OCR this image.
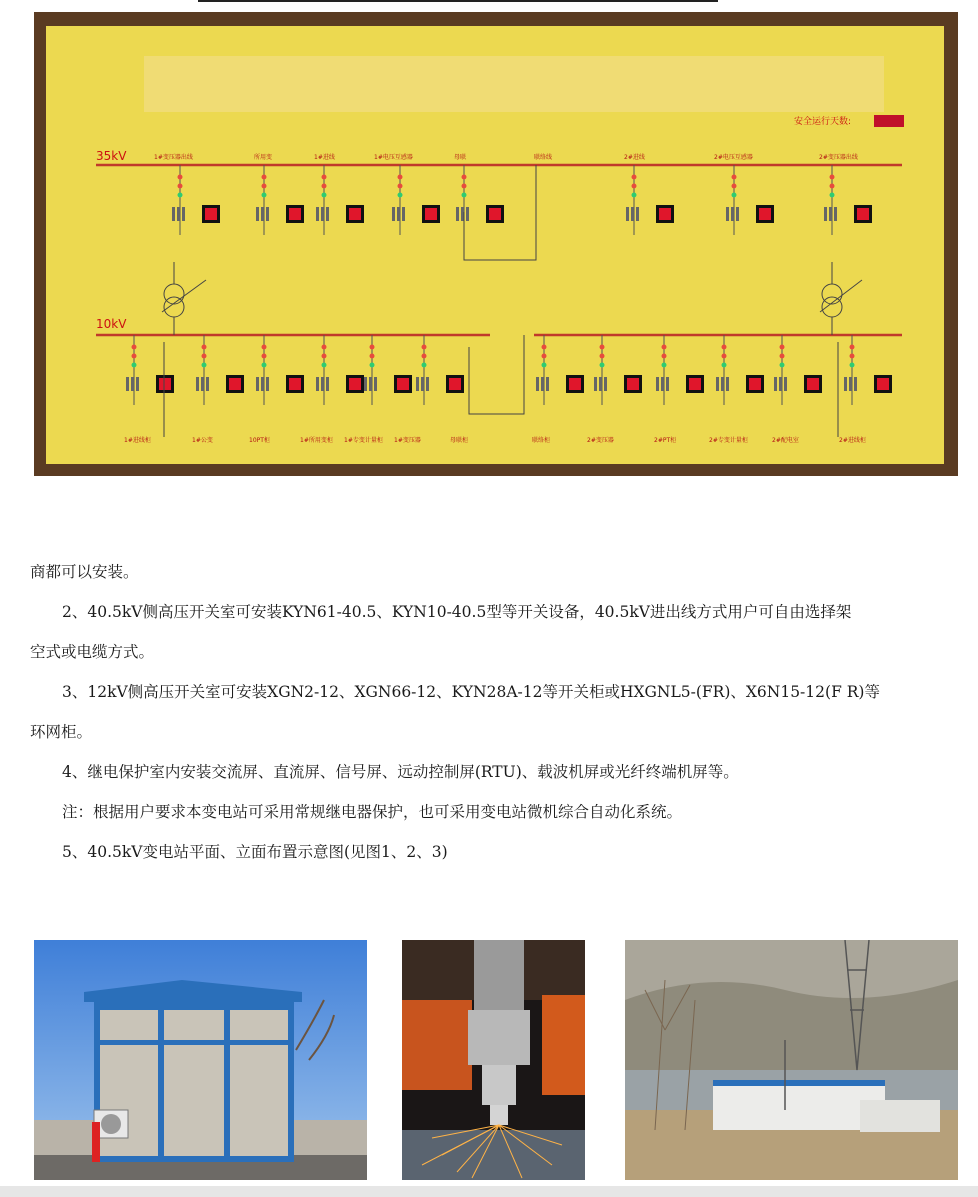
安全运行天数:
35kV
10kV
1#变压器出线	所用变	1#进线	1#电压互感器	母联	联络线	2#进线	2#电压互感器	2#变压器出线
1#进线柜	1#公变	10PT柜	1#所用变柜 1#专变计量柜 1#变压器	母联柜	联络柜	2#变压器	2#PT柜	2#专变计量柜	2#配电室	2#进线柜

商都可以安装。

2、40.5kV侧高压开关室可安装KYN61-40.5、KYN10-40.5型等开关设备，40.5kV进出线方式用户可自由选择架

空式或电缆方式。

3、12kV侧高压开关室可安装XGN2-12、XGN66-12、KYN28A-12等开关柜或HXGNL5-(FR)、X6N15-12(F R)等

环网柜。

4、继电保护室内安装交流屏、直流屏、信号屏、远动控制屏(RTU)、载波机屏或光纤终端机屏等。

注：根据用户要求本变电站可采用常规继电器保护，也可采用变电站微机综合自动化系统。

5、40.5kV变电站平面、立面布置示意图(见图1、2、3)
